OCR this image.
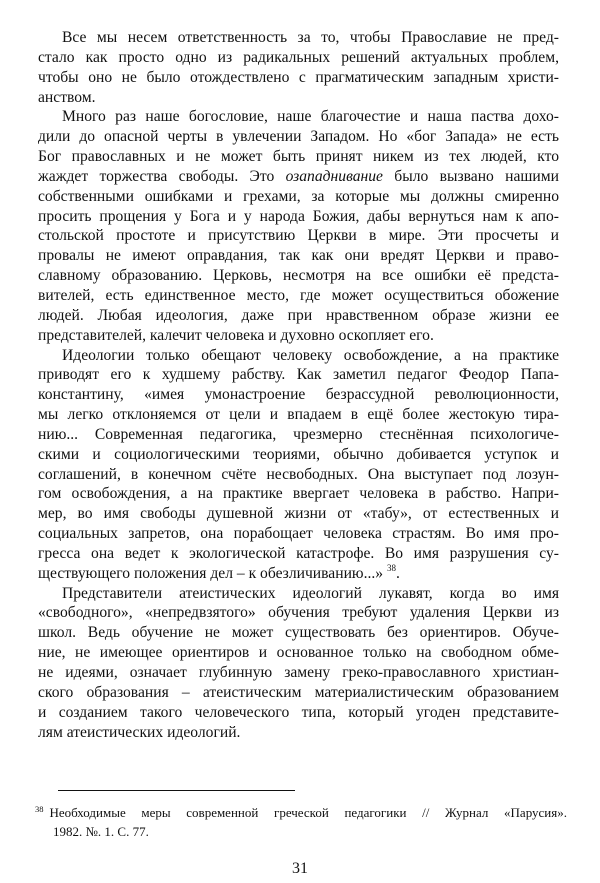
Все мы несем ответственность за то, чтобы Православие не пред-
стало как просто одно из радикальных решений актуальных проблем,
чтобы оно не было отождествлено с прагматическим западным христи-
анством.
Много раз наше богословие, наше благочестие и наша паства дохо-
дили до опасной черты в увлечении Западом. Но «бог Запада» не есть
Бог православных и не может быть принят никем из тех людей, кто
жаждет торжества свободы. Это озападнивание было вызвано нашими
собственными ошибками и грехами, за которые мы должны смиренно
просить прощения у Бога и у народа Божия, дабы вернуться нам к апо-
стольской простоте и присутствию Церкви в мире. Эти просчеты и
провалы не имеют оправдания, так как они вредят Церкви и право-
славному образованию. Церковь, несмотря на все ошибки её предста-
вителей, есть единственное место, где может осуществиться обожение
людей. Любая идеология, даже при нравственном образе жизни ее
представителей, калечит человека и духовно оскопляет его.
Идеологии только обещают человеку освобождение, а на практике
приводят его к худшему рабству. Как заметил педагог Феодор Папа-
константину, «имея умонастроение безрассудной революционности,
мы легко отклоняемся от цели и впадаем в ещё более жестокую тира-
нию... Современная педагогика, чрезмерно стеснённая психологиче-
скими и социологическими теориями, обычно добивается уступок и
соглашений, в конечном счёте несвободных. Она выступает под лозун-
гом освобождения, а на практике ввергает человека в рабство. Напри-
мер, во имя свободы душевной жизни от «табу», от естественных и
социальных запретов, она порабощает человека страстям. Во имя про-
гресса она ведет к экологической катастрофе. Во имя разрушения су-
ществующего положения дел – к обезличиванию...» $^{38}$.
Представители атеистических идеологий лукавят, когда во имя
«свободного», «непредвзятого» обучения требуют удаления Церкви из
школ. Ведь обучение не может существовать без ориентиров. Обуче-
ние, не имеющее ориентиров и основанное только на свободном обме-
не идеями, означает глубинную замену греко-православного христиан-
ского образования – атеистическим материалистическим образованием
и созданием такого человеческого типа, который угоден представите-
лям атеистических идеологий.
$^{38}$ Необходимые меры современной греческой педагогики // Журнал «Парусия».
1982. №. 1. С. 77.
31
